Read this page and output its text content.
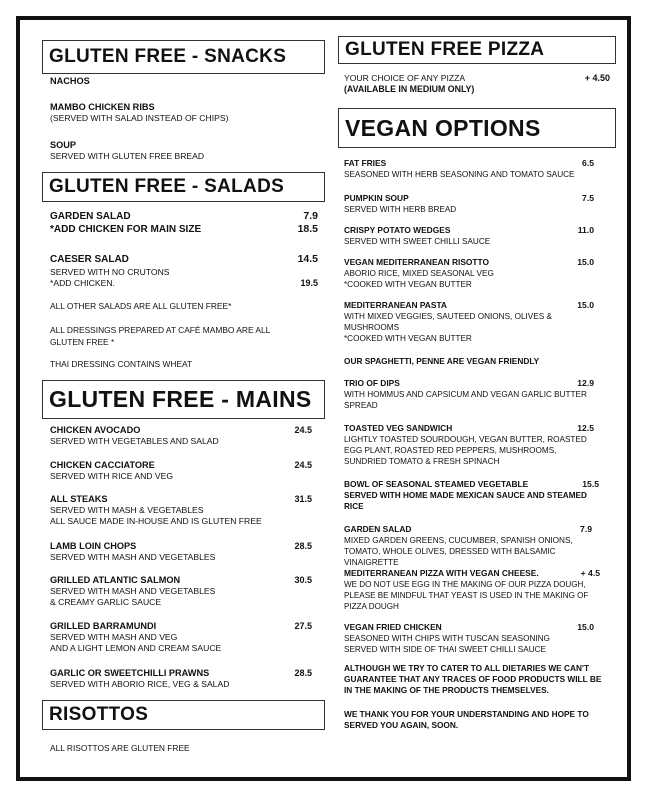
GLUTEN FREE - SNACKS
NACHOS
MAMBO CHICKEN RIBS
(SERVED WITH SALAD INSTEAD OF CHIPS)
SOUP
SERVED WITH GLUTEN FREE BREAD
GLUTEN FREE - SALADS
GARDEN SALAD	7.9
*ADD CHICKEN FOR MAIN SIZE	18.5
CAESER SALAD	14.5
SERVED WITH NO CRUTONS
*ADD CHICKEN.	19.5
ALL OTHER SALADS ARE ALL GLUTEN FREE*
ALL DRESSINGS PREPARED AT CAFÉ MAMBO ARE ALL
GLUTEN FREE *
THAI DRESSING CONTAINS WHEAT
GLUTEN FREE - MAINS
CHICKEN AVOCADO	24.5
SERVED WITH VEGETABLES AND SALAD
CHICKEN CACCIATORE	24.5
SERVED WITH RICE AND VEG
ALL STEAKS	31.5
SERVED WITH MASH & VEGETABLES
ALL SAUCE MADE IN-HOUSE AND IS GLUTEN FREE
LAMB LOIN CHOPS	28.5
SERVED WITH MASH AND VEGETABLES
GRILLED ATLANTIC SALMON	30.5
SERVED WITH MASH AND VEGETABLES
& CREAMY GARLIC SAUCE
GRILLED BARRAMUNDI	27.5
SERVED WITH MASH AND VEG
AND A LIGHT LEMON AND CREAM SAUCE
GARLIC OR SWEETCHILLI PRAWNS	28.5
SERVED WITH ABORIO RICE, VEG & SALAD
RISOTTOS
ALL RISOTTOS ARE GLUTEN FREE
GLUTEN FREE PIZZA
YOUR CHOICE OF ANY PIZZA	+ 4.50
(AVAILABLE IN MEDIUM ONLY)
VEGAN OPTIONS
FAT FRIES	6.5
SEASONED WITH HERB SEASONING AND TOMATO SAUCE
PUMPKIN SOUP	7.5
SERVED WITH HERB BREAD
CRISPY POTATO WEDGES	11.0
SERVED WITH SWEET CHILLI SAUCE
VEGAN MEDITERRANEAN RISOTTO	15.0
ABORIO RICE, MIXED SEASONAL VEG
*COOKED WITH VEGAN BUTTER
MEDITERRANEAN PASTA	15.0
WITH MIXED VEGGIES, SAUTEED ONIONS, OLIVES &
MUSHROOMS
*COOKED WITH VEGAN BUTTER
OUR SPAGHETTI, PENNE ARE VEGAN FRIENDLY
TRIO OF DIPS	12.9
WITH HOMMUS AND CAPSICUM AND VEGAN GARLIC BUTTER
SPREAD
TOASTED VEG SANDWICH	12.5
LIGHTLY TOASTED SOURDOUGH, VEGAN BUTTER, ROASTED
EGG PLANT, ROASTED RED PEPPERS, MUSHROOMS,
SUNDRIED TOMATO & FRESH SPINACH
BOWL OF SEASONAL STEAMED VEGETABLE	15.5
SERVED WITH HOME MADE MEXICAN SAUCE AND STEAMED
RICE
GARDEN SALAD	7.9
MIXED GARDEN GREENS, CUCUMBER, SPANISH ONIONS,
TOMATO, WHOLE OLIVES, DRESSED WITH BALSAMIC
VINAIGRETTE
MEDITERRANEAN PIZZA WITH VEGAN CHEESE.	+ 4.5
WE DO NOT USE EGG IN THE MAKING OF OUR PIZZA DOUGH,
PLEASE BE MINDFUL THAT YEAST IS USED IN THE MAKING OF
PIZZA DOUGH
VEGAN FRIED CHICKEN	15.0
SEASONED WITH CHIPS WITH TUSCAN SEASONING
SERVED WITH SIDE OF THAI SWEET CHILLI SAUCE
ALTHOUGH WE TRY TO CATER TO ALL DIETARIES WE CAN'T
GUARANTEE THAT ANY TRACES OF FOOD PRODUCTS WILL BE
IN THE MAKING OF THE PRODUCTS THEMSELVES.
WE THANK YOU FOR YOUR UNDERSTANDING AND HOPE TO
SERVED YOU AGAIN, SOON.
